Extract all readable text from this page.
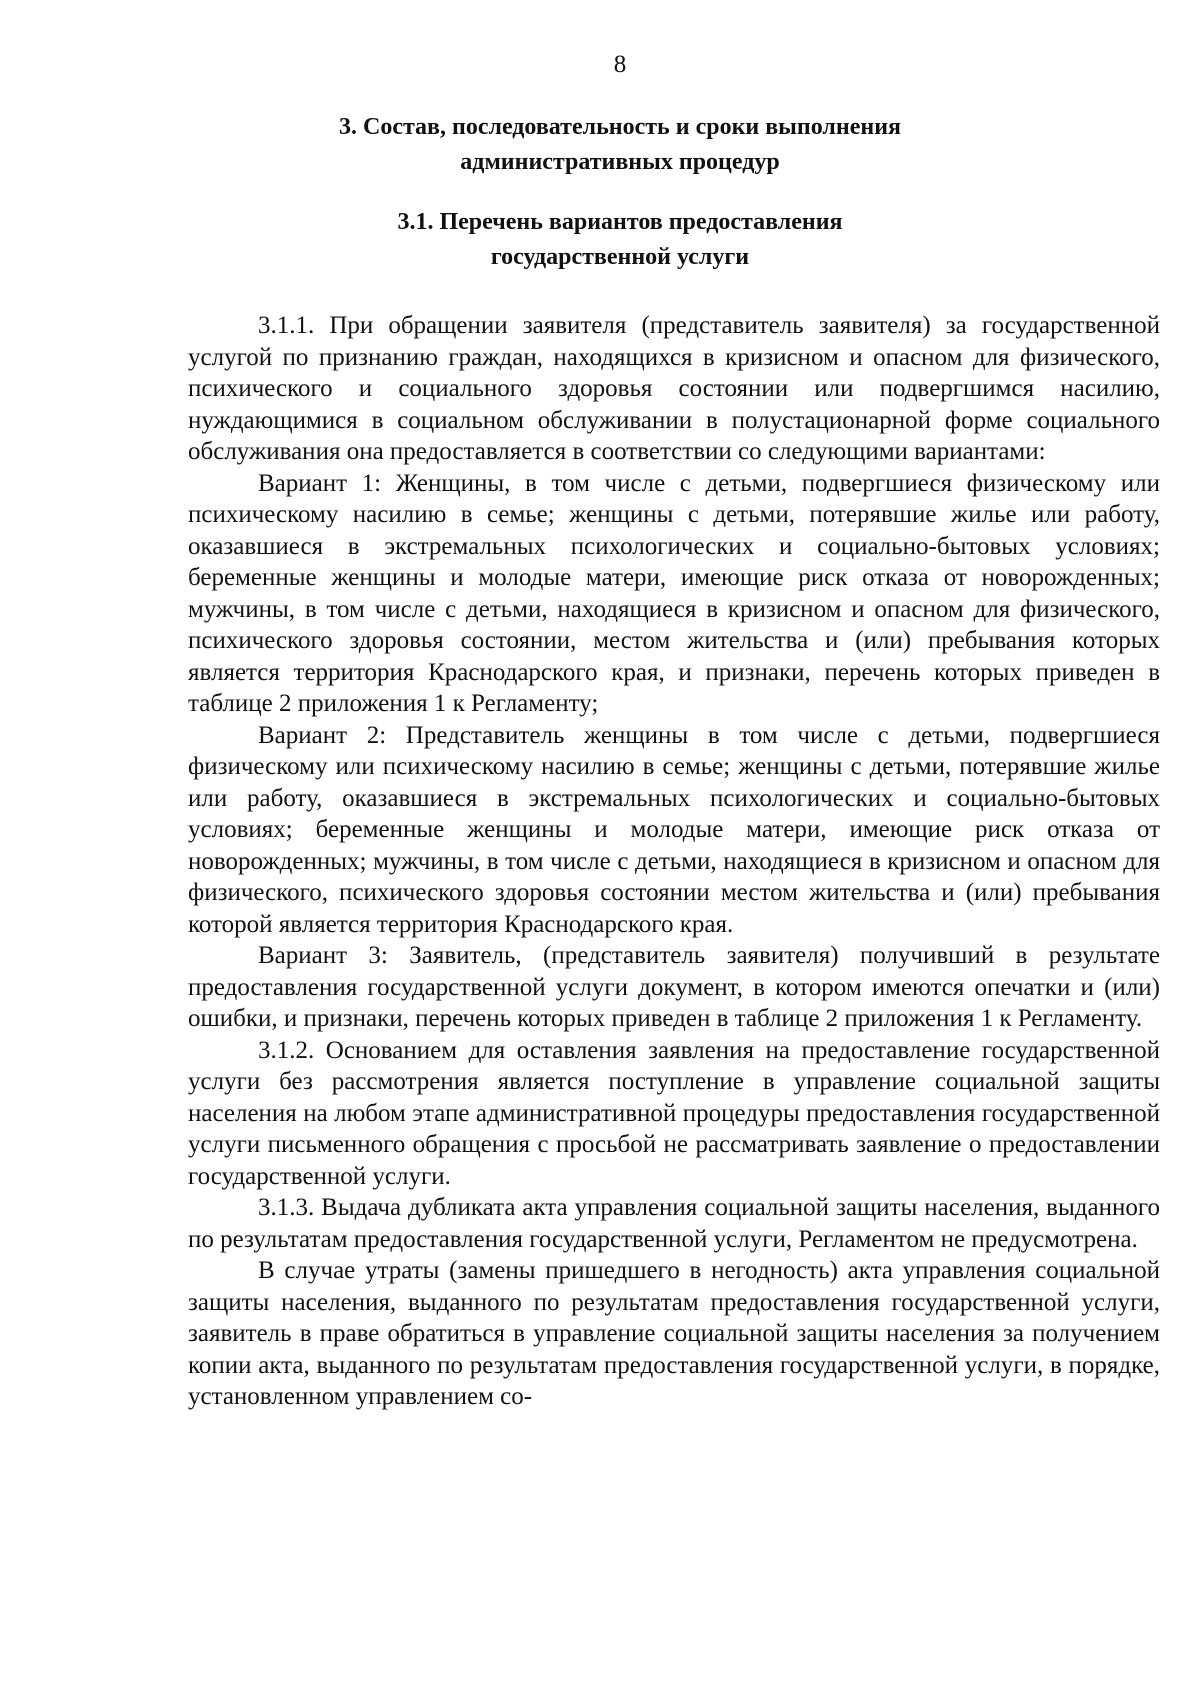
8
3. Состав, последовательность и сроки выполнения
административных процедур
3.1. Перечень вариантов предоставления
государственной услуги

3.1.1. При обращении заявителя (представитель заявителя) за государственной услугой по признанию граждан, находящихся в кризисном и опасном для физического, психического и социального здоровья состоянии или подвергшимся насилию, нуждающимися в социальном обслуживании в полустационарной форме социального обслуживания она предоставляется в соответствии со следующими вариантами:

Вариант 1: Женщины, в том числе с детьми, подвергшиеся физическому или психическому насилию в семье; женщины с детьми, потерявшие жилье или работу, оказавшиеся в экстремальных психологических и социально-бытовых условиях; беременные женщины и молодые матери, имеющие риск отказа от новорожденных; мужчины, в том числе с детьми, находящиеся в кризисном и опасном для физического, психического здоровья состоянии, местом жительства и (или) пребывания которых является территория Краснодарского края, и признаки, перечень которых приведен в таблице 2 приложения 1 к Регламенту;

Вариант 2: Представитель женщины в том числе с детьми, подвергшиеся физическому или психическому насилию в семье; женщины с детьми, потерявшие жилье или работу, оказавшиеся в экстремальных психологических и социально-бытовых условиях; беременные женщины и молодые матери, имеющие риск отказа от новорожденных; мужчины, в том числе с детьми, находящиеся в кризисном и опасном для физического, психического здоровья состоянии местом жительства и (или) пребывания которой является территория Краснодарского края.

Вариант 3: Заявитель, (представитель заявителя) получивший в результате предоставления государственной услуги документ, в котором имеются опечатки и (или) ошибки, и признаки, перечень которых приведен в таблице 2 приложения 1 к Регламенту.

3.1.2. Основанием для оставления заявления на предоставление государственной услуги без рассмотрения является поступление в управление социальной защиты населения на любом этапе административной процедуры предоставления государственной услуги письменного обращения с просьбой не рассматривать заявление о предоставлении государственной услуги.

3.1.3. Выдача дубликата акта управления социальной защиты населения, выданного по результатам предоставления государственной услуги, Регламентом не предусмотрена.

В случае утраты (замены пришедшего в негодность) акта управления социальной защиты населения, выданного по результатам предоставления государственной услуги, заявитель в праве обратиться в управление социальной защиты населения за получением копии акта, выданного по результатам предоставления государственной услуги, в порядке, установленном управлением со-
